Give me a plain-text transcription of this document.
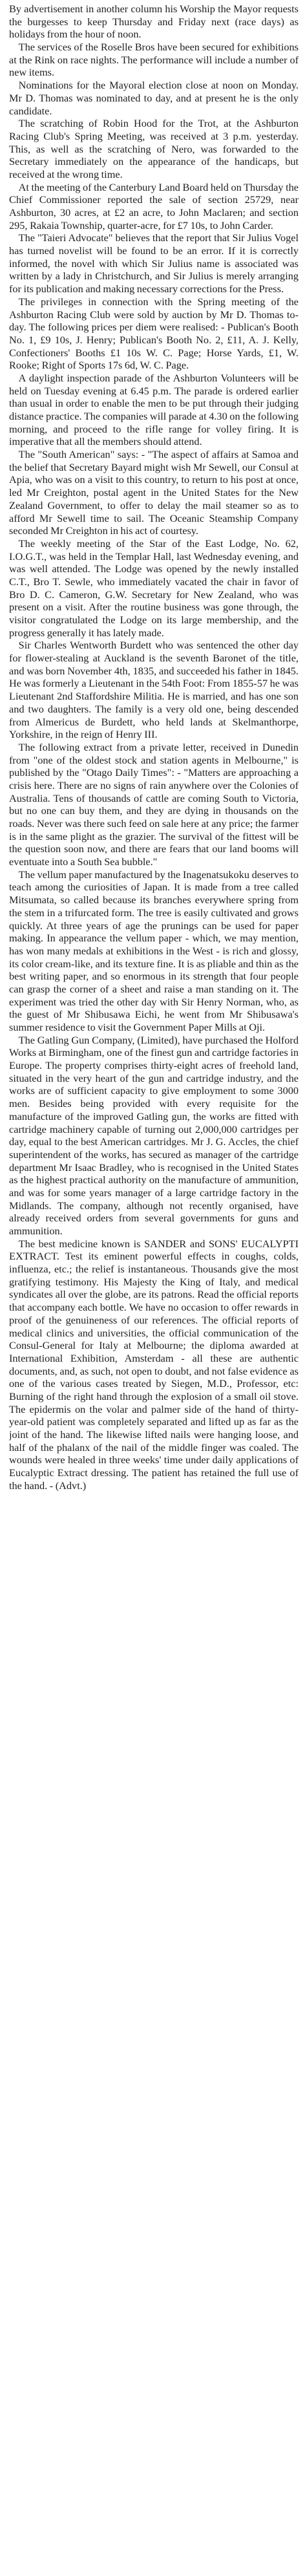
By advertisement in another column his Worship the Mayor requests the burgesses to keep Thursday and Friday next (race days) as holidays from the hour of noon.

The services of the Roselle Bros have been secured for exhibitions at the Rink on race nights. The performance will include a number of new items.

Nominations for the Mayoral election close at noon on Monday. Mr D. Thomas was nominated to day, and at present he is the only candidate.

The scratching of Robin Hood for the Trot, at the Ashburton Racing Club's Spring Meeting, was received at 3 p.m. yesterday. This, as well as the scratching of Nero, was forwarded to the Secretary immediately on the appearance of the handicaps, but received at the wrong time.

At the meeting of the Canterbury Land Board held on Thursday the Chief Commissioner reported the sale of section 25729, near Ashburton, 30 acres, at £2 an acre, to John Maclaren; and section 295, Rakaia Township, quarter-acre, for £7 10s, to John Carder.

The "Taieri Advocate" believes that the report that Sir Julius Vogel has turned novelist will be found to be an error. If it is correctly informed, the novel with which Sir Julius name is associated was written by a lady in Christchurch, and Sir Julius is merely arranging for its publication and making necessary corrections for the Press.

The privileges in connection with the Spring meeting of the Ashburton Racing Club were sold by auction by Mr D. Thomas to-day. The following prices per diem were realised: - Publican's Booth No. 1, £9 10s, J. Henry; Publican's Booth No. 2, £11, A. J. Kelly, Confectioners' Booths £1 10s W. C. Page; Horse Yards, £1, W. Rooke; Right of Sports 17s 6d, W. C. Page.

A daylight inspection parade of the Ashburton Volunteers will be held on Tuesday evening at 6.45 p.m. The parade is ordered earlier than usual in order to enable the men to be put through their judging distance practice. The companies will parade at 4.30 on the following morning, and proceed to the rifle range for volley firing. It is imperative that all the members should attend.

The "South American" says: - "The aspect of affairs at Samoa and the belief that Secretary Bayard might wish Mr Sewell, our Consul at Apia, who was on a visit to this country, to return to his post at once, led Mr Creighton, postal agent in the United States for the New Zealand Government, to offer to delay the mail steamer so as to afford Mr Sewell time to sail. The Oceanic Steamship Company seconded Mr Creighton in his act of courtesy.

The weekly meeting of the Star of the East Lodge, No. 62, I.O.G.T., was held in the Templar Hall, last Wednesday evening, and was well attended. The Lodge was opened by the newly installed C.T., Bro T. Sewle, who immediately vacated the chair in favor of Bro D. C. Cameron, G.W. Secretary for New Zealand, who was present on a visit. After the routine business was gone through, the visitor congratulated the Lodge on its large membership, and the progress generally it has lately made.

Sir Charles Wentworth Burdett who was sentenced the other day for flower-stealing at Auckland is the seventh Baronet of the title, and was born November 4th, 1835, and succeeded his father in 1845. He was formerly a Lieutenant in the 54th Foot: From 1855-57 he was Lieutenant 2nd Staffordshire Militia. He is married, and has one son and two daughters. The family is a very old one, being descended from Almericus de Burdett, who held lands at Skelmanthorpe, Yorkshire, in the reign of Henry III.

The following extract from a private letter, received in Dunedin from "one of the oldest stock and station agents in Melbourne," is published by the "Otago Daily Times": - "Matters are approaching a crisis here. There are no signs of rain anywhere over the Colonies of Australia. Tens of thousands of cattle are coming South to Victoria, but no one can buy them, and they are dying in thousands on the roads. Never was there such feed on sale here at any price; the farmer is in the same plight as the grazier. The survival of the fittest will be the question soon now, and there are fears that our land booms will eventuate into a South Sea bubble."

The vellum paper manufactured by the Inagenatsukoku deserves to teach among the curiosities of Japan. It is made from a tree called Mitsumata, so called because its branches everywhere spring from the stem in a trifurcated form. The tree is easily cultivated and grows quickly. At three years of age the prunings can be used for paper making. In appearance the vellum paper - which, we may mention, has won many medals at exhibitions in the West - is rich and glossy, its color cream-like, and its texture fine. It is as pliable and thin as the best writing paper, and so enormous in its strength that four people can grasp the corner of a sheet and raise a man standing on it. The experiment was tried the other day with Sir Henry Norman, who, as the guest of Mr Shibusawa Eichi, he went from Mr Shibusawa's summer residence to visit the Government Paper Mills at Oji.

The Gatling Gun Company, (Limited), have purchased the Holford Works at Birmingham, one of the finest gun and cartridge factories in Europe. The property comprises thirty-eight acres of freehold land, situated in the very heart of the gun and cartridge industry, and the works are of sufficient capacity to give employment to some 3000 men. Besides being provided with every requisite for the manufacture of the improved Gatling gun, the works are fitted with cartridge machinery capable of turning out 2,000,000 cartridges per day, equal to the best American cartridges. Mr J. G. Accles, the chief superintendent of the works, has secured as manager of the cartridge department Mr Isaac Bradley, who is recognised in the United States as the highest practical authority on the manufacture of ammunition, and was for some years manager of a large cartridge factory in the Midlands. The company, although not recently organised, have already received orders from several governments for guns and ammunition.

The best medicine known is SANDER and SONS' EUCALYPTI EXTRACT. Test its eminent powerful effects in coughs, colds, influenza, etc.; the relief is instantaneous. Thousands give the most gratifying testimony. His Majesty the King of Italy, and medical syndicates all over the globe, are its patrons. Read the official reports that accompany each bottle. We have no occasion to offer rewards in proof of the genuineness of our references. The official reports of medical clinics and universities, the official communication of the Consul-General for Italy at Melbourne; the diploma awarded at International Exhibition, Amsterdam - all these are authentic documents, and, as such, not open to doubt, and not false evidence as one of the various cases treated by Siegen, M.D., Professor, etc: Burning of the right hand through the explosion of a small oil stove. The epidermis on the volar and palmer side of the hand of thirty-year-old patient was completely separated and lifted up as far as the joint of the hand. The likewise lifted nails were hanging loose, and half of the phalanx of the nail of the middle finger was coaled. The wounds were healed in three weeks' time under daily applications of Eucalyptic Extract dressing. The patient has retained the full use of the hand. - (Advt.)
